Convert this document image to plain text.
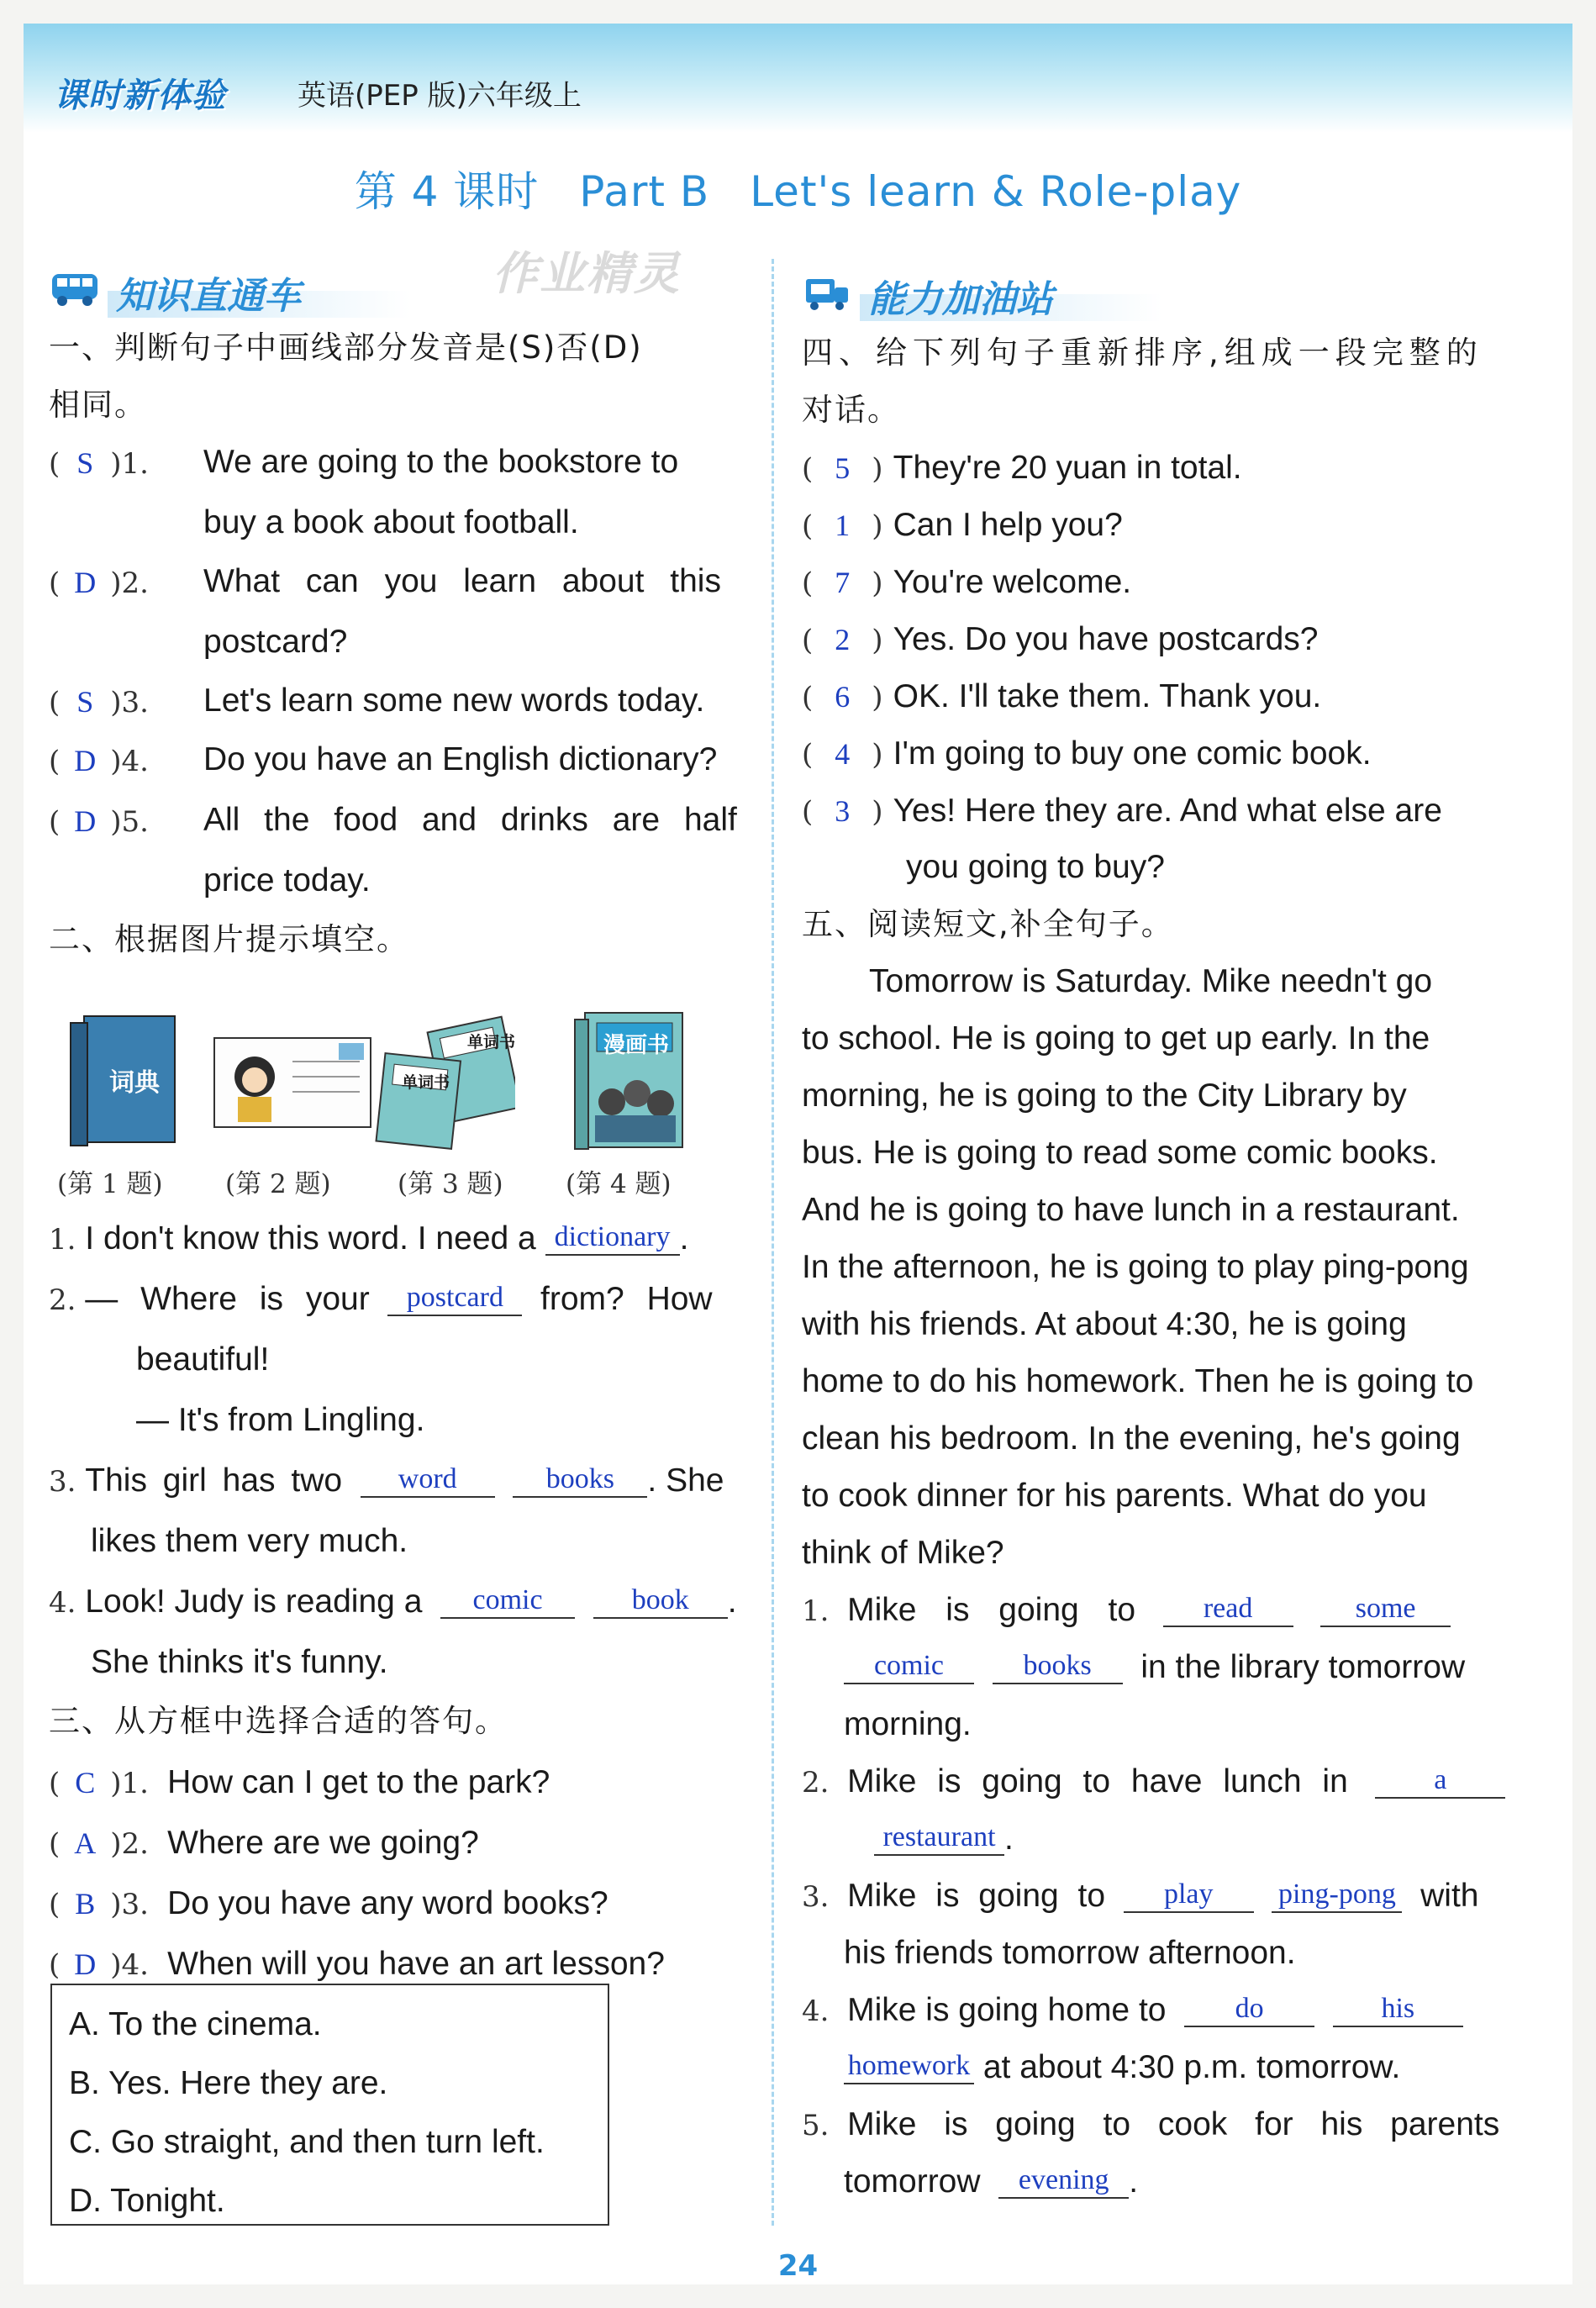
课时新体验	英语(PEP 版)六年级上
第 4 课时 Part B Let's learn & Role-play
知识直通车	作业精灵	能力加油站
一、判断句子中画线部分发音是(S)否(D)
相同。
( S )1.	We are going to the bookstore to
buy a book about football.
( D )2. What can you learn about this
postcard?
( S )3. Let's learn some new words today.
( D )4. Do you have an English dictionary?
( D )5. All the food and drinks are half
price today.
二、根据图片提示填空。
词典	单词书
单词书	漫画书
(第 1 题) (第 2 题)	(第 3 题) (第 4 题)
1. I don't know this word. I need a dictionary .
2. — Where is your postcard from? How
beautiful!
— It's from Lingling.
3. This girl has two word	books . She
likes them very much.
4. Look! Judy is reading a comic	book .
She thinks it's funny.
三、从方框中选择合适的答句。
( C )1. How can I get to the park?
( A )2. Where are we going?
( B )3. Do you have any word books?
( D )4. When will you have an art lesson?
A. To the cinema.
B. Yes. Here they are.
C. Go straight, and then turn left.
D. Tonight.
四、给下列句子重新排序,组成一段完整的
对话。
( 5 ) They're 20 yuan in total.
( 1 ) Can I help you?
( 7 ) You're welcome.
( 2 ) Yes. Do you have postcards?
( 6 ) OK. I'll take them. Thank you.
( 4 ) I'm going to buy one comic book.
( 3 ) Yes! Here they are. And what else are
you going to buy?
五、阅读短文,补全句子。
Tomorrow is Saturday. Mike needn't go
to school. He is going to get up early. In the
morning, he is going to the City Library by
bus. He is going to read some comic books.
And he is going to have lunch in a restaurant.
In the afternoon, he is going to play ping-pong
with his friends. At about 4:30, he is going
home to do his homework. Then he is going to
clean his bedroom. In the evening, he's going
to cook dinner for his parents. What do you
think of Mike?
1. Mike is going to read	some
comic	books in the library tomorrow
morning.
2. Mike is going to have lunch in	a
restaurant .
3. Mike is going to play ping-pong with
his friends tomorrow afternoon.
4. Mike is going home to do	his
homework at about 4:30 p.m. tomorrow.
5. Mike is going to cook for his parents
tomorrow evening .
24
